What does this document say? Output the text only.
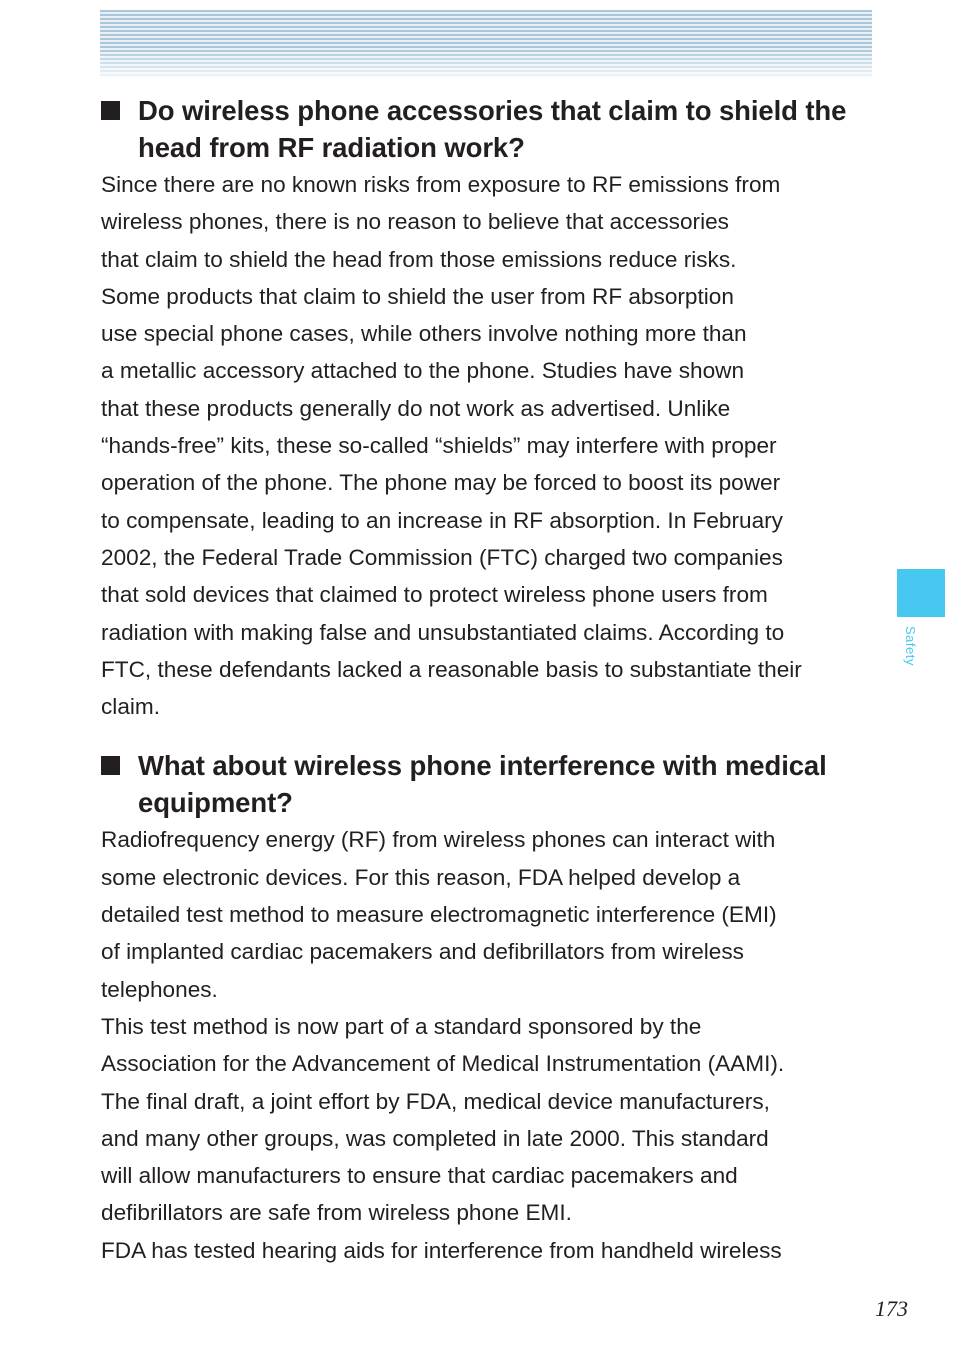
Do wireless phone accessories that claim to shield the head from RF radiation work?

Since there are no known risks from exposure to RF emissions from
wireless phones, there is no reason to believe that accessories
that claim to shield the head from those emissions reduce risks.
Some products that claim to shield the user from RF absorption
use special phone cases, while others involve nothing more than
a metallic accessory attached to the phone. Studies have shown
that these products generally do not work as advertised. Unlike
“hands-free” kits, these so-called “shields” may interfere with proper
operation of the phone. The phone may be forced to boost its power
to compensate, leading to an increase in RF absorption. In February
2002, the Federal Trade Commission (FTC) charged two companies
that sold devices that claimed to protect wireless phone users from
radiation with making false and unsubstantiated claims. According to
FTC, these defendants lacked a reasonable basis to substantiate their
claim.

What about wireless phone interference with medical equipment?

Radiofrequency energy (RF) from wireless phones can interact with
some electronic devices. For this reason, FDA helped develop a
detailed test method to measure electromagnetic interference (EMI)
of implanted cardiac pacemakers and defibrillators from wireless
telephones.
This test method is now part of a standard sponsored by the
Association for the Advancement of Medical Instrumentation (AAMI).
The final draft, a joint effort by FDA, medical device manufacturers,
and many other groups, was completed in late 2000. This standard
will allow manufacturers to ensure that cardiac pacemakers and
defibrillators are safe from wireless phone EMI.
FDA has tested hearing aids for interference from handheld wireless

Safety
173
